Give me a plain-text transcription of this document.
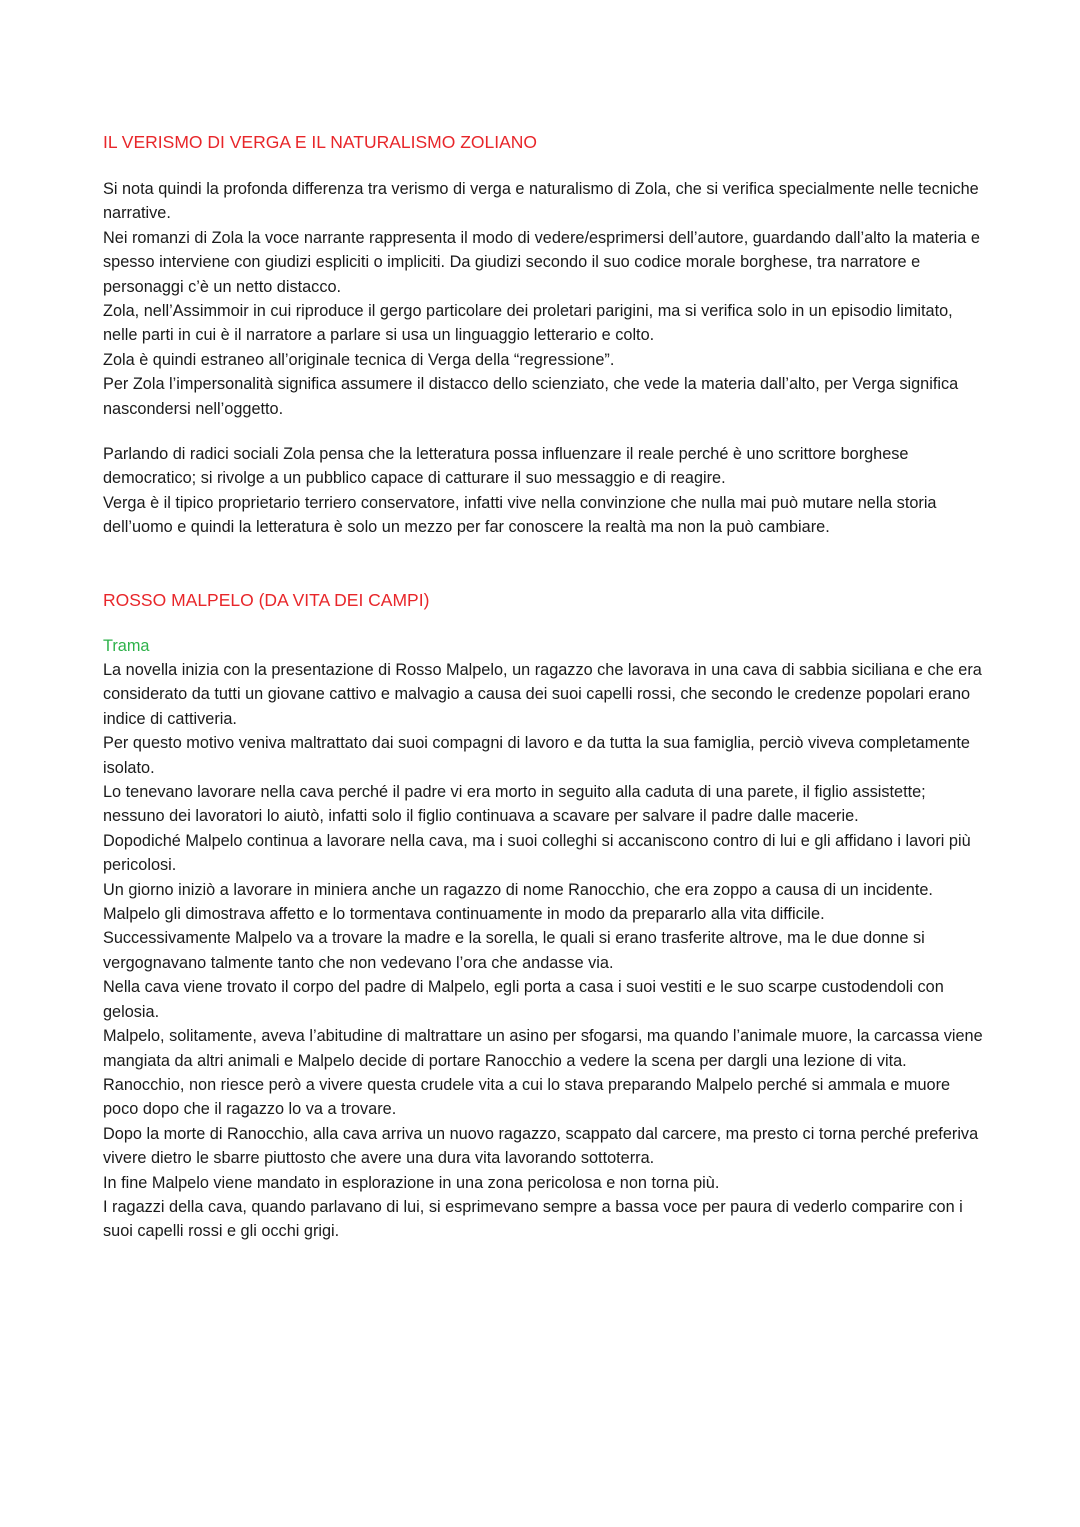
IL VERISMO DI VERGA E IL NATURALISMO ZOLIANO

Si nota quindi la profonda differenza tra verismo di verga e naturalismo di Zola, che si verifica specialmente nelle tecniche narrative.

Nei romanzi di Zola la voce narrante rappresenta il modo di vedere/esprimersi dell’autore, guardando dall’alto la materia e spesso interviene con giudizi espliciti o impliciti. Da giudizi secondo il suo codice morale borghese, tra narratore e personaggi c’è un netto distacco.

Zola, nell’Assimmoir in cui riproduce il gergo particolare dei proletari parigini, ma si verifica solo in un episodio limitato, nelle parti in cui è il narratore a parlare si usa un linguaggio letterario e colto.

Zola è quindi estraneo all’originale tecnica di Verga della “regressione”.

Per Zola l’impersonalità significa assumere il distacco dello scienziato, che vede la materia dall’alto, per Verga significa nascondersi nell’oggetto.

Parlando di radici sociali Zola pensa che la letteratura possa influenzare il reale perché è uno scrittore borghese democratico; si rivolge a un pubblico capace di catturare il suo messaggio e di reagire.

Verga è il tipico proprietario terriero conservatore, infatti vive nella convinzione che nulla mai può mutare nella storia dell’uomo e quindi la letteratura è solo un mezzo per far conoscere la realtà ma non la può cambiare.

ROSSO MALPELO (DA VITA DEI CAMPI)
Trama

La novella inizia con la presentazione di Rosso Malpelo, un ragazzo che lavorava in una cava di sabbia siciliana e che era considerato da tutti un giovane cattivo e malvagio a causa dei suoi capelli rossi, che secondo le credenze popolari erano indice di cattiveria.

Per questo motivo veniva maltrattato dai suoi compagni di lavoro e da tutta la sua famiglia, perciò viveva completamente isolato.

Lo tenevano lavorare nella cava perché il padre vi era morto in seguito alla caduta di una parete, il figlio assistette; nessuno dei lavoratori lo aiutò, infatti solo il figlio continuava a scavare per salvare il padre dalle macerie.

Dopodiché Malpelo continua a lavorare nella cava, ma i suoi colleghi si accaniscono contro di lui e gli affidano i lavori più pericolosi.

Un giorno iniziò a lavorare in miniera anche un ragazzo di nome Ranocchio, che era zoppo a causa di un incidente. Malpelo gli dimostrava affetto e lo tormentava continuamente in modo da prepararlo alla vita difficile.

Successivamente Malpelo va a trovare la madre e la sorella, le quali si erano trasferite altrove, ma le due donne si vergognavano talmente tanto che non vedevano l’ora che andasse via.

Nella cava viene trovato il corpo del padre di Malpelo, egli porta a casa i suoi vestiti e le suo scarpe custodendoli con gelosia.

Malpelo, solitamente, aveva l’abitudine di maltrattare un asino per sfogarsi, ma quando l’animale muore, la carcassa viene mangiata da altri animali e Malpelo decide di portare Ranocchio a vedere la scena per dargli una lezione di vita.

Ranocchio, non riesce però a vivere questa crudele vita a cui lo stava preparando Malpelo perché si ammala e muore poco dopo che il ragazzo lo va a trovare.

Dopo la morte di Ranocchio, alla cava arriva un nuovo ragazzo, scappato dal carcere, ma presto ci torna perché preferiva vivere dietro le sbarre piuttosto che avere una dura vita lavorando sottoterra.

In fine Malpelo viene mandato in esplorazione in una zona pericolosa e non torna più.

I ragazzi della cava, quando parlavano di lui, si esprimevano sempre a bassa voce per paura di vederlo comparire con i suoi capelli rossi e gli occhi grigi.
